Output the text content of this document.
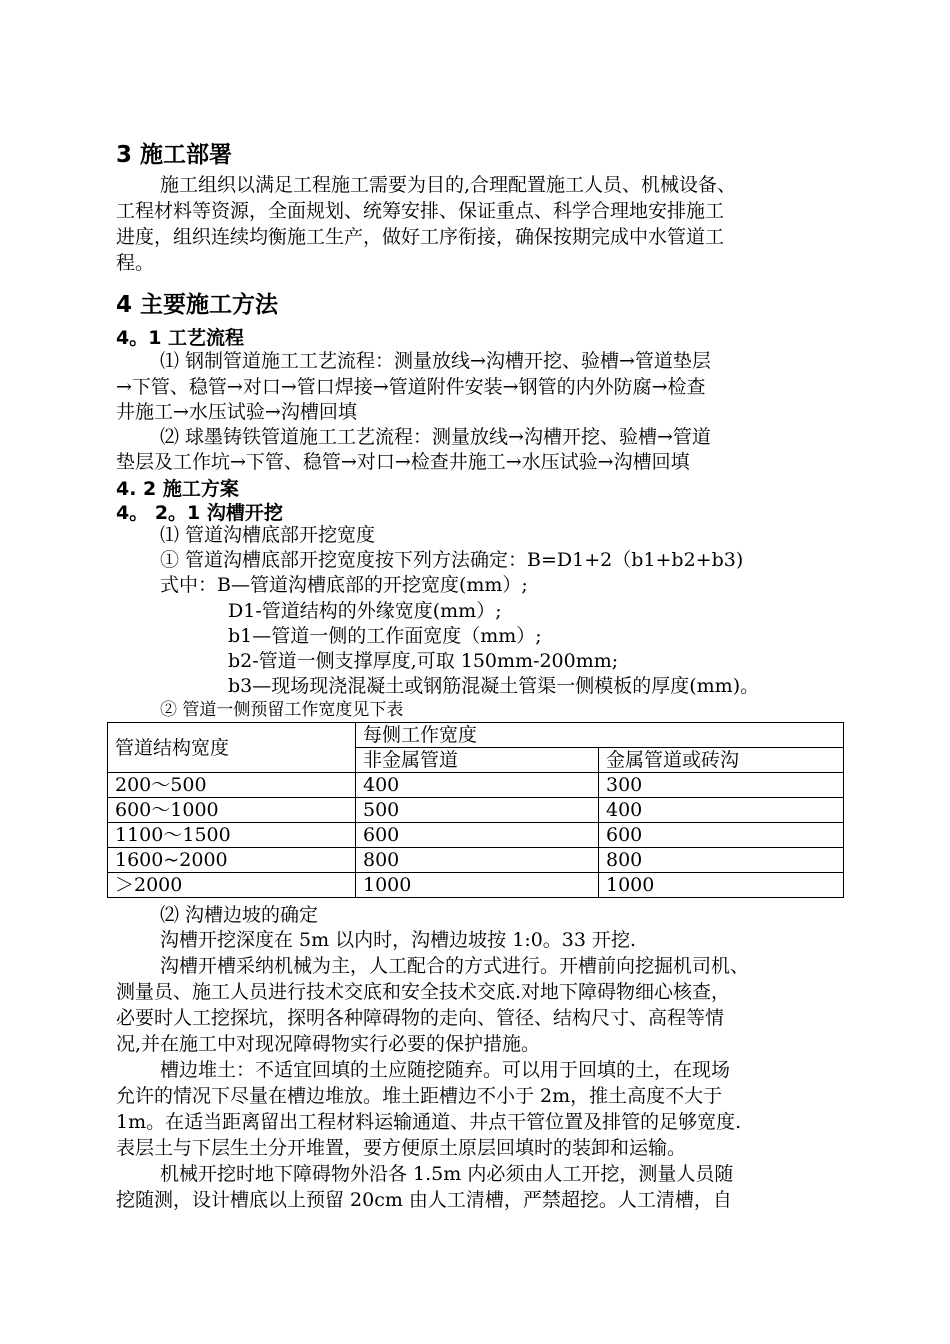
3 施工部署
施工组织以满足工程施工需要为目的,合理配置施工人员、机械设备、
工程材料等资源，全面规划、统筹安排、保证重点、科学合理地安排施工
进度，组织连续均衡施工生产，做好工序衔接，确保按期完成中水管道工
程。
4 主要施工方法
4。1 工艺流程
⑴ 钢制管道施工工艺流程：测量放线→沟槽开挖、验槽→管道垫层
→下管、稳管→对口→管口焊接→管道附件安装→钢管的内外防腐→检查
井施工→水压试验→沟槽回填
⑵ 球墨铸铁管道施工工艺流程：测量放线→沟槽开挖、验槽→管道
垫层及工作坑→下管、稳管→对口→检查井施工→水压试验→沟槽回填
4. 2 施工方案
4。 2。1 沟槽开挖
⑴ 管道沟槽底部开挖宽度
① 管道沟槽底部开挖宽度按下列方法确定：B=D1+2（b1+b2+b3)
式中：B—管道沟槽底部的开挖宽度(mm）;
D1-管道结构的外缘宽度(mm）;
b1—管道一侧的工作面宽度（mm）;
b2-管道一侧支撑厚度,可取 150mm-200mm;
b3—现场现浇混凝土或钢筋混凝土管渠一侧模板的厚度(mm)。
② 管道一侧预留工作宽度见下表
管道结构宽度	每侧工作宽度	
	非金属管道	金属管道或砖沟
200～500	400	300
600～1000	500	400
1100～1500	600	600
1600~2000	800	800
＞2000	1000	1000
⑵ 沟槽边坡的确定
沟槽开挖深度在 5m 以内时，沟槽边坡按 1:0。33 开挖.
沟槽开槽采纳机械为主，人工配合的方式进行。开槽前向挖掘机司机、
测量员、施工人员进行技术交底和安全技术交底.对地下障碍物细心核查，
必要时人工挖探坑，探明各种障碍物的走向、管径、结构尺寸、高程等情
况,并在施工中对现况障碍物实行必要的保护措施。
槽边堆土：不适宜回填的土应随挖随弃。可以用于回填的土，在现场
允许的情况下尽量在槽边堆放。堆土距槽边不小于 2m，推土高度不大于
1m。在适当距离留出工程材料运输通道、井点干管位置及排管的足够宽度.
表层土与下层生土分开堆置，要方便原土原层回填时的装卸和运输。
机械开挖时地下障碍物外沿各 1.5m 内必须由人工开挖，测量人员随
挖随测，设计槽底以上预留 20cm 由人工清槽，严禁超挖。人工清槽，自
